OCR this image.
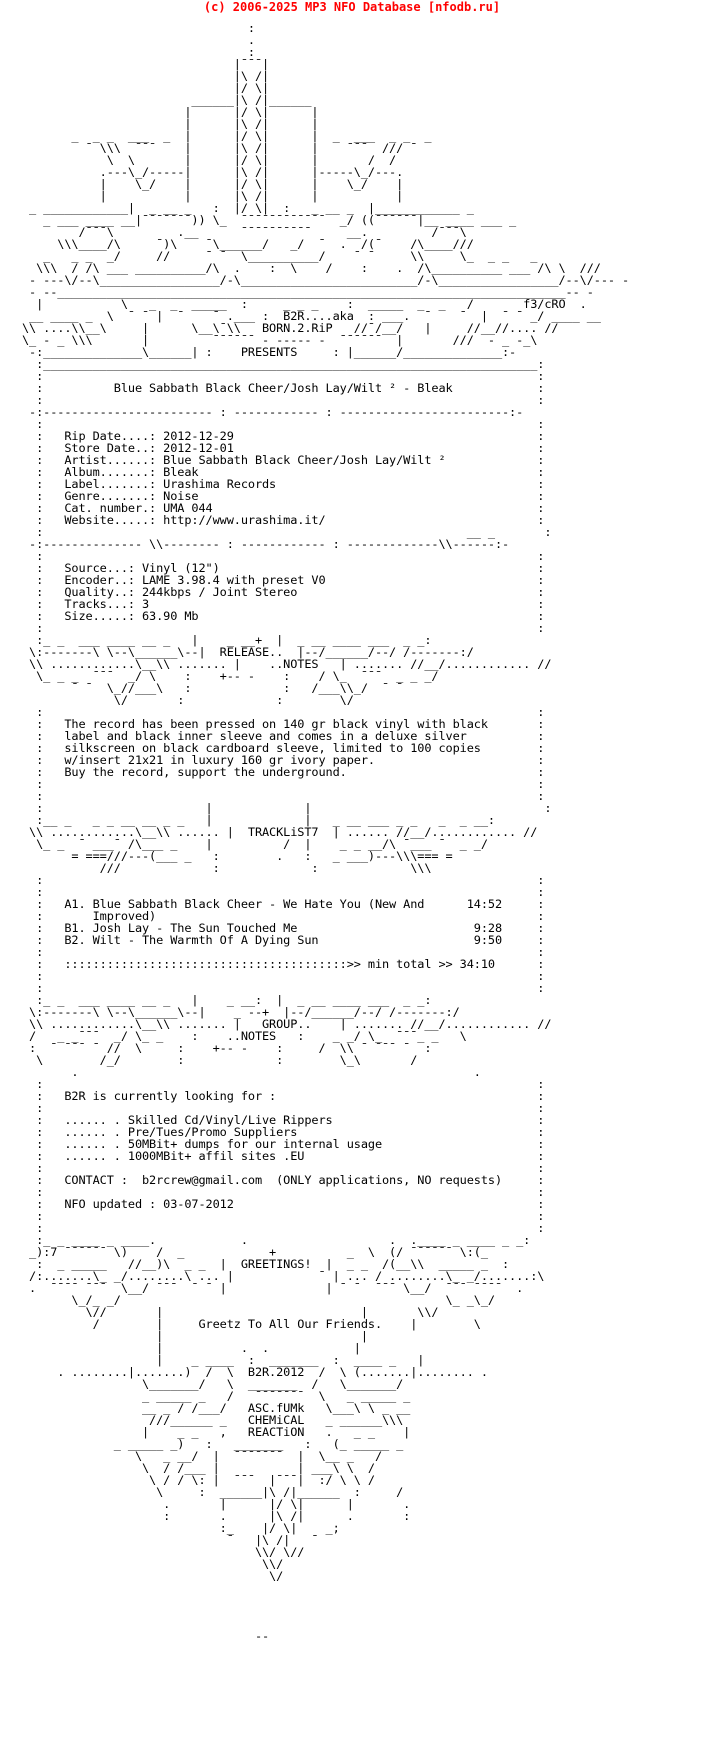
(c) 2006-2025 MP3 NFO Database [nfodb.ru]
:
.
:
|¯¯¯|
|\ /|
|/ \|
______|\ /|______
|      |/ \|      |
|      |\ /|      |
_  _ _  ___  _  |      |/ \|      |  _  ___  _ _  _
¯ \\\  ¯¯¯    |      |\ /|      |    ¯¯¯  /// ¯
\  \       |      |/ \|      |       /  /
.---\_/-----|      |\ /|      |-----\_/---.
|    \_/    |      |/ \|      |    \_/    |
|           |      |\ /|      |           |
_ ____________|  _ __ _   :  |/ \|  :   _ __ _  |____________ _
_ ___ ____ __|¯¯¯¯¯¯¯)) \_  ¯¯¯¯¯¯¯¯¯¯¯¯  _/ ((¯¯¯¯¯¯|__ ____ ___ _
/¯¯¯\         .__      ¯¯¯¯¯¯¯¯¯¯     __.         /¯¯¯\
\\\____/\     ¯)\    ¯\______/   _/  ¯  .  /(¯    /\____///
_   _ _  _/     //     ¯ ¯  \__________/    ¯ ¯     \\     \_  _ _   _
\\\  / /\ ___ __________/\  .    :  \    /    :    .  /\__________ ___ /\ \  ///
- ---\/--\_________________/-\_________________________/-\_________________/--\/--- -
- --________________________________________________________________________-- -
|           \   _  _  _____  :     _ _ _    :  _____  _  _   /       f3/cRO  .
__ ____ _  \  ¯ ¯ |  ¯    ¯ .___ :  B2R....aka  : ___.  ¯    ¯  |  ¯ ¯ _/ ____ __
\\ ....\\__\     |      \__\¯\\   BORN.2.RiP   //¯/__/   |     //__//.... //
\_ - _ \\\       |         ¯¯¯¯¯¯ - ----- -  ¯¯¯¯¯¯  |       ///  - _ -_\
-:______________\______| :    PRESENTS     : |______/______________:-
:______________________________________________________________________:
:                                                                      :
:          Blue Sabbath Black Cheer/Josh Lay/Wilt ² - Bleak            :
:                                                                      :
-:------------------------ : ------------ : ------------------------:-
:                                                                      :
:   Rip Date....: 2012-12-29                                           :
:   Store Date..: 2012-12-01                                           :
:   Artist......: Blue Sabbath Black Cheer/Josh Lay/Wilt ²             :
:   Album.......: Bleak                                                :
:   Label.......: Urashima Records                                     :
:   Genre.......: Noise                                                :
:   Cat. number.: UMA 044                                              :
:   Website.....: http://www.urashima.it/                              :
:                                                            __ _       :
-:-------------- \\-------- : ------------ : -------------\\------:-
:                                                                      :
:   Source...: Vinyl (12")                                             :
:   Encoder..: LAME 3.98.4 with preset V0                              :
:   Quality..: 244kbps / Joint Stereo                                  :
:   Tracks...: 3                                                       :
:   Size.....: 63.90 Mb                                                :
:                                                                      :
:_ _  ___ ____ __ _   |    _ __+  |  _ __ ____ ___  _ _:
\:-------\ \--\______\--|  RELEASE..  |--/______/--/ /-------:/
\\ ............\__\\ ....... |    ..NOTES   | ....... //__/............ //
\_ _ _  ¯¯¯  _/ \    :    +-- -    :    / \_  ¯¯¯  _ _ _/
¯ ¯  \_//___\   :             :   /___\\_/  ¯ ¯
\/       :             :        \/
:                                                                      :
:   The record has been pressed on 140 gr black vinyl with black       :
:   label and black inner sleeve and comes in a deluxe silver          :
:   silkscreen on black cardboard sleeve, limited to 100 copies        :
:   w/insert 21x21 in luxury 160 gr ivory paper.                       :
:   Buy the record, support the underground.                           :
:                                                                      :
:                                                                      :
:                       |             |                                 :
:__ _   _ _ __ __ _ _   |             |   _ __ ___ _ _   _  _ __:
\\ ............\__\\ ...... |  TRACKLiST7  | ...... //__/............ //
\_ _  ¯ ___¯ /\___ _    |          /  |    _ _ __/\ ¯___ ¯  _ _/
= ===///---(___ _   :        .   :   _ ___)---\\\=== =
///             :             :             \\\
:                                                                      :
:                                                                      :
:   A1. Blue Sabbath Black Cheer - We Hate You (New And      14:52     :
:       Improved)                                                      :
:   B1. Josh Lay - The Sun Touched Me                         9:28     :
:   B2. Wilt - The Warmth Of A Dying Sun                      9:50     :
:                                                                      :
:   ::::::::::::::::::::::::::::::::::::::::>> min total >> 34:10      :
:                                                                      :
:                                                                      :
:_ _  ___ ____ __ _   |    _ __:  |  _ __ ____ ___  _ _:
\:-------\ \--\______\--|    _ --+  |--/______/--/ /-------:/
\\ ............\__\\ ....... |   GROUP..    | ....... //__/............ //
/   _ _¯¯¯  _/ \_ _    :    ..NOTES   :    _ _/ \_  ¯¯¯_ _   \
:  ¯ ¯¯¯ ¯ //  \     :    +-- -    :     /  \\ ¯ ¯¯¯ ¯  :
\        /_/        :             :        \_\       /
.                                                        .
:                                                                      :
:   B2R is currently looking for :                                     :
:                                                                      :
:   ...... . Skilled Cd/Vinyl/Live Rippers                             :
:   ...... . Pre/Tues/Promo Suppliers                                  :
:   ...... . 50MBit+ dumps for our internal usage                      :
:   ...... . 1000MBit+ affil sites .EU                                 :
:                                                                      :
:   CONTACT :  b2rcrew@gmail.com  (ONLY applications, NO requests)     :
:                                                                      :
:   NFO updated : 03-07-2012                                           :
:                                                                      :
:                                                                      :
:_ _ ____ _ ____.            .                    .  .____ _ ____ _ _:
_):7 ¯¯¯¯¯¯ \)    /  _            +          _  \  (/ ¯¯¯¯¯¯ \:(_
:  _ _____   //__)\  _ _  |  GREETINGS!  |  _ _  /(__\\  _____ _  :
/:.......\_ _/........\ ... |            ¯ | ... / ........\_ _/.......:\
.  ¯¯¯¯ ¯¯¯  \__/ ¯¯¯  ¯ ¯ |              | ¯ ¯  ¯¯¯ \__/  ¯¯¯ ¯¯¯¯  .
\_/_ _/                                              \_ _\_/
\//       |                            |       \\/
/        |     Greetz To All Our Friends.    |        \
|                            |
|           .  .            |
|    _ ____  :  _______  :  ____ _   |
. ........|.......)  /  \  B2R.2012  /  \ (.......|........ .
\_______/   \  _______  /   \_______/
_ _____ _   /   ¯¯¯¯¯¯¯  \   _ _____ _
__ _ / /___/   ASC.fUMk   \___\ \ _ __
///______ _   CHEMiCAL   _ ______\\\
|    _ _   ,   REACTiON   .   _ _    |
_ _____ _)   :   _______   :   (_ _____ _
\   _ __/  |  ¯¯¯¯¯¯¯  |  \__ _   /
\  / /___ |           | ___\ \  /
\ / / \: |  ¯¯¯  |¯¯¯|  :/ \ \ /
\     :  ______|\ /|______  :     /
.       |      |/ \|      |       .
:       .      |\ /|      .       :
:_    |/ \|    _;
¯   |\ /|   ¯
\\/ \//
\\/
\/

--
